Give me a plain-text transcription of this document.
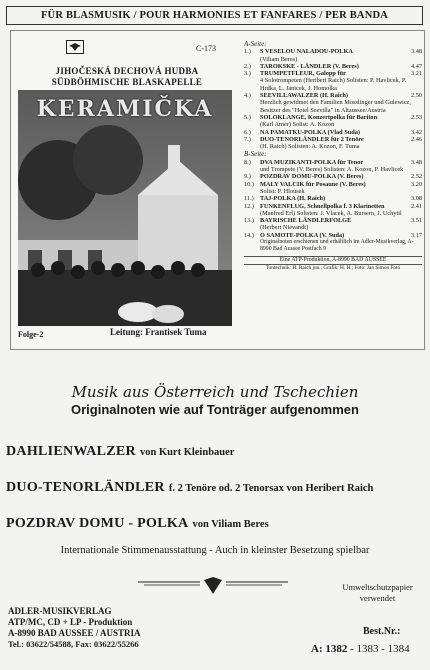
FÜR BLASMUSIK / POUR HARMONIES ET FANFARES / PER BANDA
C-173
JIHOČESKÁ DECHOVÁ HUDBA
SÜDBÖHMISCHE BLASKAPELLE
KERAMIČKA
Folge-2	Leitung: Frantisek Tuma
A-Seite:
1.)	S VESELOU NALADOU-POLKA	3.48
(Viliam Beres)
2.)	TAROKSKE - LÄNDLER (V. Beres)	4.47
3.)	TRUMPETFLEUR, Galopp für	3.21
4 Solotrompeten (Heribert Raich) Solisten: P. Havlicek, P. Hrdka, L. Janicek, J. Homolka
4.)	SEEVILLAWALZER (H. Raich)	2.50
Herzlich gewidmet den Familien Mosslinger und Gulewicz, Besitzer des "Hotel Seevilla" in Altaussee/Austria
5.)	SOLOKLANGE, Konzertpolka für Bariton	2.53
(Karl Amer) Solist: A. Kozon
6.)	NA PAMATKU-POLKA (Vlad Suda)	3.42
7.)	DUO-TENORLÄNDLER für 2 Tenöre	2.46
(H. Raich) Solisten: A. Kozon, F. Tuma
B-Seite:
8.)	DVA MUZIKANTI-POLKA für Tenor	3.48
und Trompete (V. Beres) Solisten: A. Kozon, P. Havlicek
9.)	POZDRAV DOMU-POLKA (V. Beres)	2.52
10.) MALY VALCIK für Posaune (V. Beres)	3.20
Solist: P. Hlousek
11.) TAJ-POLKA (H. Raich)	3.08
12.) FUNKENFLUG, Schnellpolka f. 3 Klarinetten	2.41
(Manfred Erl) Solisten: J. Vlacek, A. Bursern, J. Uchytil
13.) BAYRISCHE LÄNDLERFOLGE	3.51
(Herbert Nievandt)
14.) O SAMOTE-POLKA (V. Suda)	3.17
Originalnoten erschienen und erhältlich im Adler-Musikverlag, A-8990 Bad Aussee Postfach 9
Eine ATP-Produktion, A-8990 BAD AUSSEE
Tontechnik: H. Raich jun.; Grafik: H. H.; Foto: Jan Simon Fotó
Musik aus Österreich und Tschechien
Originalnoten wie auf Tonträger aufgenommen
DAHLIENWALZER von Kurt Kleinbauer
DUO-TENORLÄNDLER f. 2 Tenöre od. 2 Tenorsax von Heribert Raich
POZDRAV DOMU - POLKA von Viliam Beres
Internationale Stimmenausstattung - Auch in kleinster Besetzung spielbar
Umweltschutzpapier
verwendet
ADLER-MUSIKVERLAG
ATP/MC, CD + LP - Produktion
A-8990 BAD AUSSEE / AUSTRIA
Tel.: 03622/54588, Fax: 03622/55266
Best.Nr.:
A: 1382 - 1383 - 1384
